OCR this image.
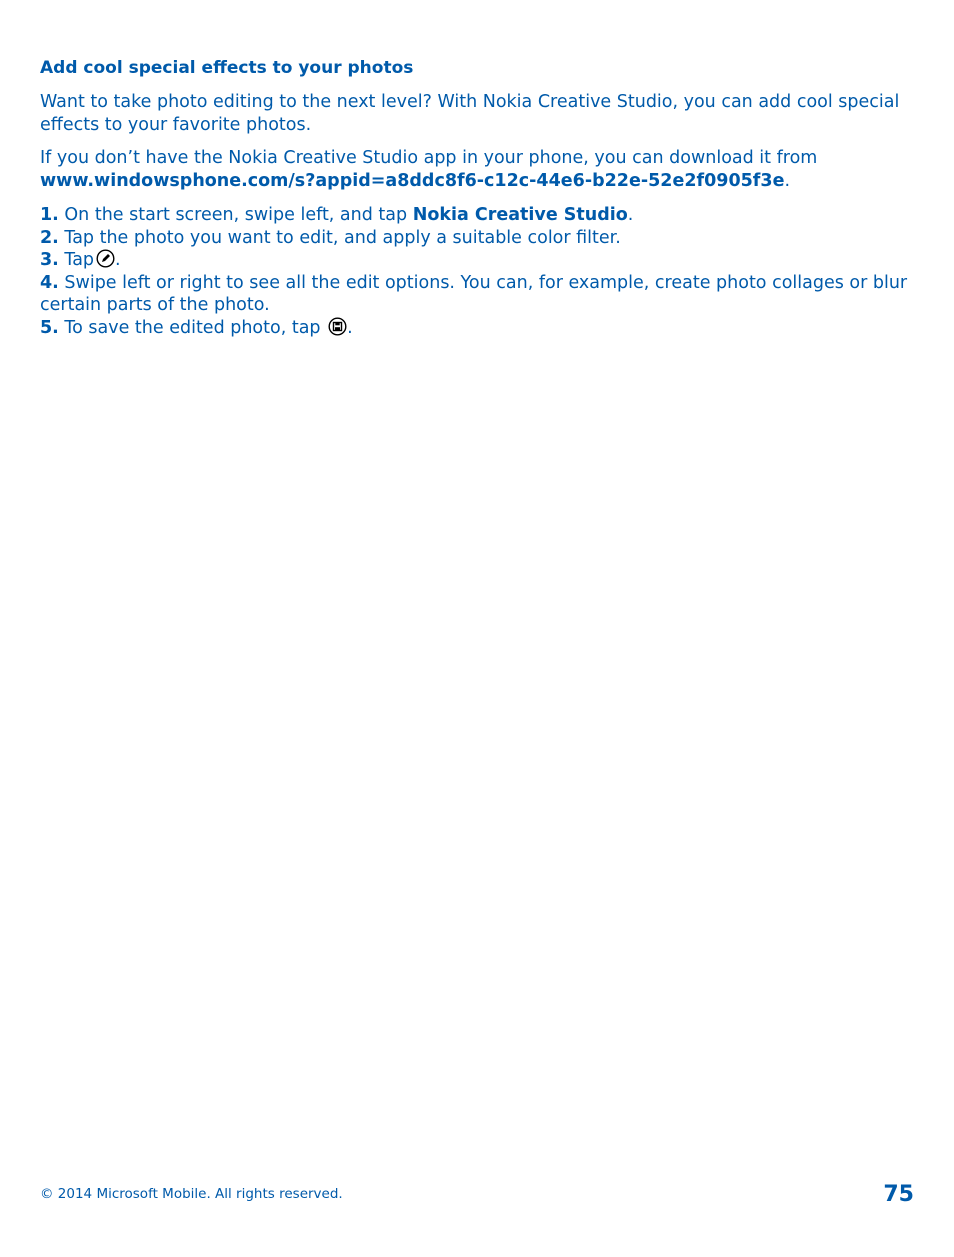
Add cool special effects to your photos

Want to take photo editing to the next level? With Nokia Creative Studio, you can add cool special effects to your favorite photos.

If you don’t have the Nokia Creative Studio app in your phone, you can download it from
www.windowsphone.com/s?appid=a8ddc8f6-c12c-44e6-b22e-52e2f0905f3e.

1. On the start screen, swipe left, and tap Nokia Creative Studio.
2. Tap the photo you want to edit, and apply a suitable color filter.
3. Tap .
4. Swipe left or right to see all the edit options. You can, for example, create photo collages or blur certain parts of the photo.
5. To save the edited photo, tap .
© 2014 Microsoft Mobile. All rights reserved.	75
